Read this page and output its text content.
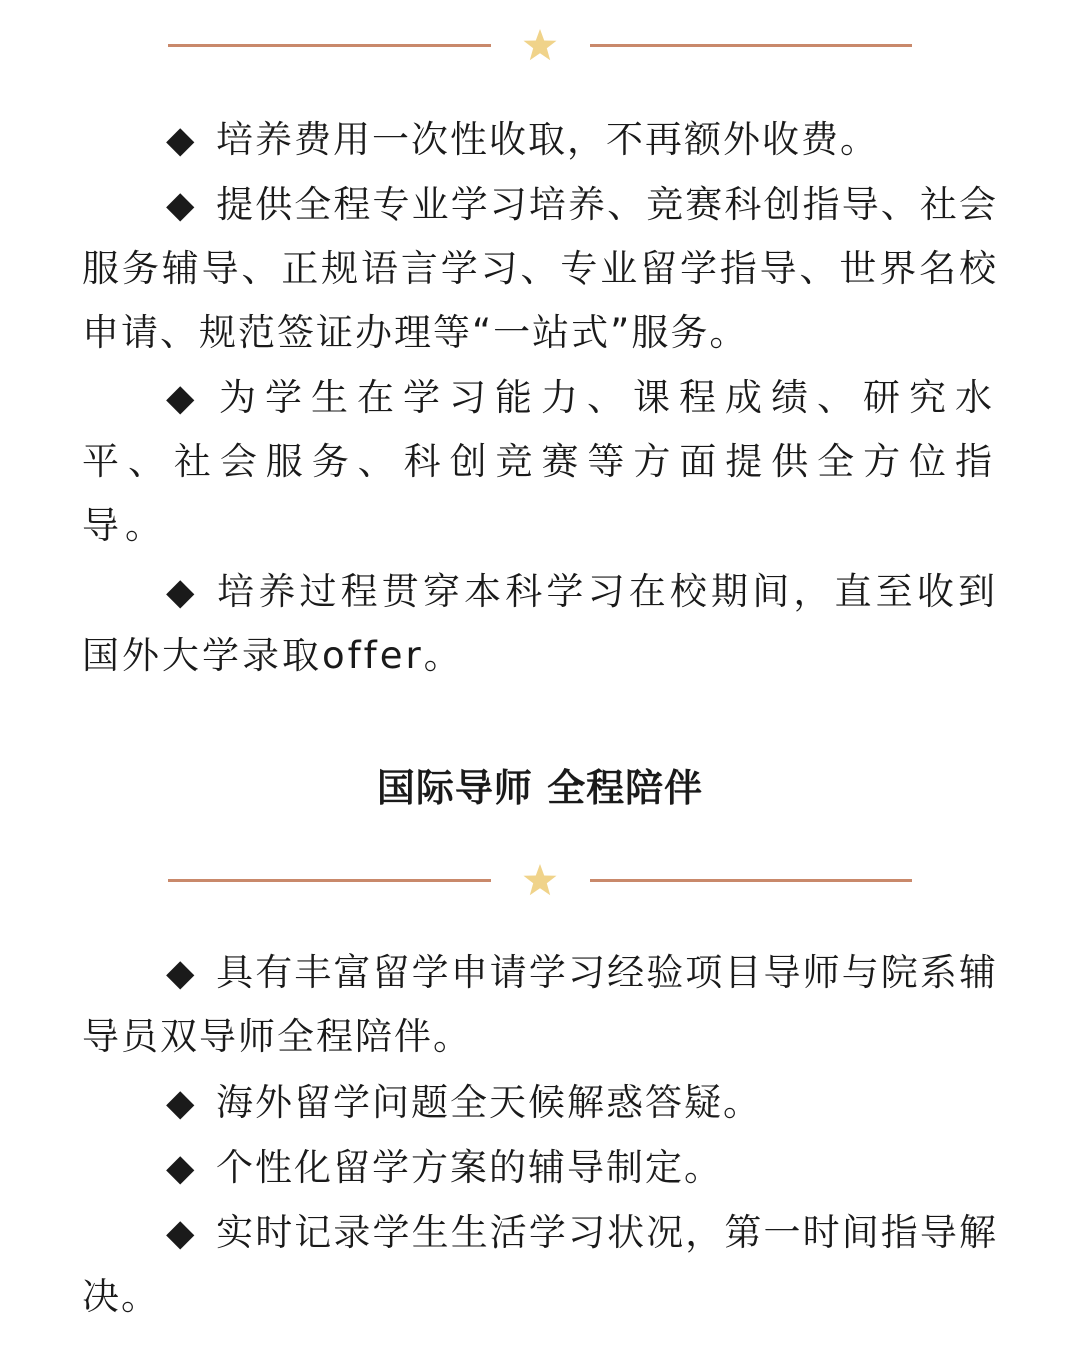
◆ 培养费用一次性收取，不再额外收费。

◆ 提供全程专业学习培养、竞赛科创指导、社会服务辅导、正规语言学习、专业留学指导、世界名校申请、规范签证办理等“一站式”服务。

◆ 为学生在学习能力、课程成绩、研究水平、社会服务、科创竞赛等方面提供全方位指导。

◆ 培养过程贯穿本科学习在校期间，直至收到国外大学录取offer。

国际导师 全程陪伴

◆ 具有丰富留学申请学习经验项目导师与院系辅导员双导师全程陪伴。

◆ 海外留学问题全天候解惑答疑。

◆ 个性化留学方案的辅导制定。

◆ 实时记录学生生活学习状况，第一时间指导解决。
